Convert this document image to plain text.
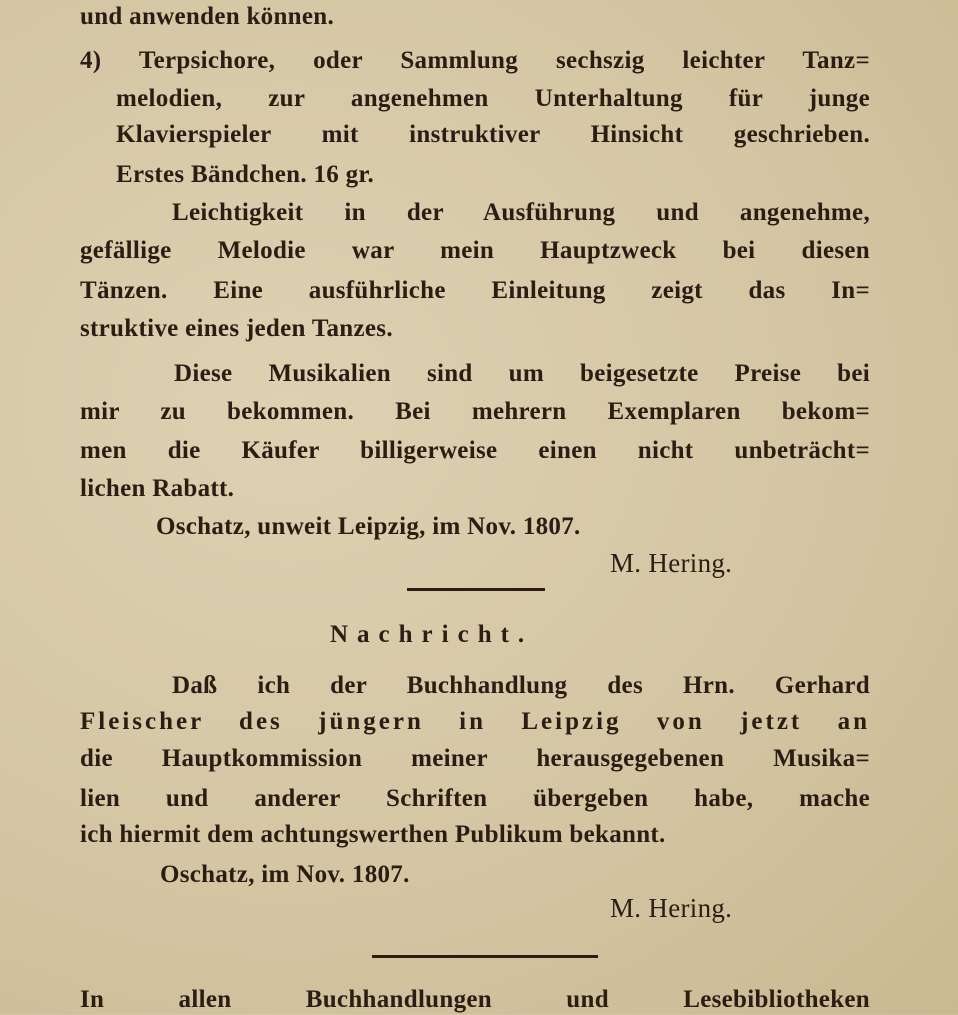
und anwenden können.
4) Terpsichore, oder Sammlung sechszig leichter Tanz=
melodien, zur angenehmen Unterhaltung für junge
Klavierspieler mit instruktiver Hinsicht geschrieben.
Erstes Bändchen. 16 gr.
Leichtigkeit in der Ausführung und angenehme,
gefällige Melodie war mein Hauptzweck bei diesen
Tänzen. Eine ausführliche Einleitung zeigt das In=
struktive eines jeden Tanzes.
Diese Musikalien sind um beigesetzte Preise bei
mir zu bekommen. Bei mehrern Exemplaren bekom=
men die Käufer billigerweise einen nicht unbeträcht=
lichen Rabatt.
Oschatz, unweit Leipzig, im Nov. 1807.
M. Hering.
Nachricht.
Daß ich der Buchhandlung des Hrn. Gerhard
Fleischer des jüngern in Leipzig von jetzt an
die Hauptkommission meiner herausgegebenen Musika=
lien und anderer Schriften übergeben habe, mache
ich hiermit dem achtungswerthen Publikum bekannt.
Oschatz, im Nov. 1807.
M. Hering.
In allen Buchhandlungen und Lesebibliotheken
